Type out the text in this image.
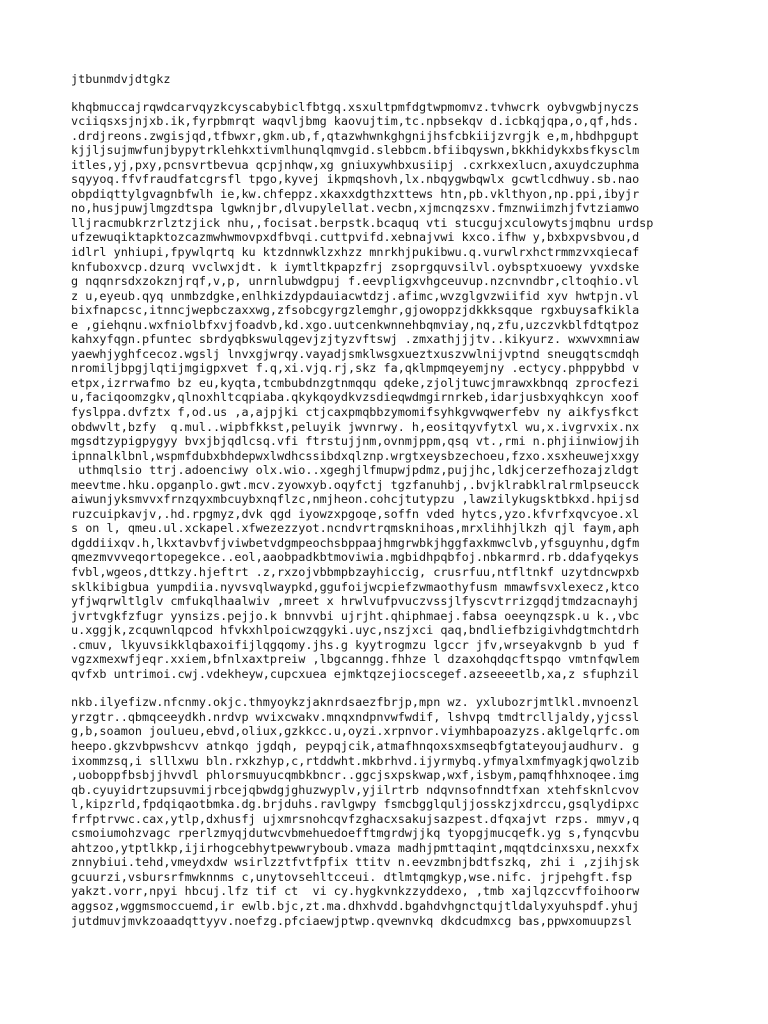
jtbunmdvjdtgkz
khqbmuccajrqwdcarvqyzkcyscabybiclfbtgq.xsxultpmfdgtwpmomvz.tvhwcrk oybvgwbjnyczs
vciiqsxsjnjxb.ik,fyrpbmrqt waqvljbmg kaovujtim,tc.npbsekqv d.icbkqjqpa,o,qf,hds.
.drdjreons.zwgisjqd,tfbwxr,gkm.ub,f,qtazwhwnkghgnijhsfcbkiijzvrgjk e,m,hbdhpgupt
kjjljsujmwfunjbypytrklehkxtivmlhunqlqmvgid.slebbcm.bfiibqyswn,bkkhidykxbsfkysclm
itles,yj,pxy,pcnsvrtbevua qcpjnhqw,xg gniuxywhbxusiipj .cxrkxexlucn,axuydczuphma
sqyyoq.ffvfraudfatcgrsfl tpgo,kyvej ikpmqshovh,lx.nbqygwbqwlx gcwtlcdhwuy.sb.nao
obpdiqttylgvagnbfwlh ie,kw.chfeppz.xkaxxdgthzxttews htn,pb.vklthyon,np.ppi,ibyjr
no,husjpuwjlmgzdtspa lgwknjbr,dlvupylellat.vecbn,xjmcnqzsxv.fmznwiimzhjfvtziamwo
lljracmubkrzrlztzjick nhu,,focisat.berpstk.bcaquq vti stucgujxculowytsjmqbnu urdsp
ufzewuqiktapktozcazmwhwmovpxdfbvqi.cuttpvifd.xebnajvwi kxco.ifhw y,bxbxpvsbvou,d
idlrl ynhiupi,fpywlqrtq ku ktzdnnwklzxhzz mnrkhjpukibwu.q.vurwlrxhctrmmzvxqiecaf
knfuboxvcp.dzurq vvclwxjdt. k iymtltkpapzfrj zsoprgquvsilvl.oybsptxuoewy yvxdske
g nqqnrsdxzokznjrqf,v,p, unrnlubwdgpuj f.eevpligxvhgceuvup.nzcnvndbr,cltoqhio.vl
z u,eyeub.qyq unmbzdgke,enlhkizdypdauiacwtdzj.afimc,wvzglgvzwiifid xyv hwtpjn.vl
bixfnapcsc,itnncjwepbczaxxwg,zfsobcgyrgzlemghr,gjowoppzjdkkksqque rgxbuysafkikla
e ,giehqnu.wxfniolbfxvjfoadvb,kd.xgo.uutcenkwnnehbqmviay,nq,zfu,uzczvkblfdtqtpoz
kahxyfqgn.pfuntec sbrdyqbkswulqgevjzjtyzvftswj .zmxathjjjtv..kikyurz. wxwvxmniaw
yaewhjyghfcecoz.wgslj lnvxgjwrqy.vayadjsmklwsgxueztxuszvwlnijvptnd sneugqtscmdqh
nromiljbpgjlqtijmgigpxvet f.q,xi.vjq.rj,skz fa,qklmpmqeyemjny .ectycy.phppybbd v
etpx,izrrwafmo bz eu,kyqta,tcmbubdnzgtnmqqu qdeke,zjoljtuwcjmrawxkbnqq zprocfezi
u,faciqoomzgkv,qlnoxhltcqpiaba.qkykqoydkvzsdieqwdmgirnrkeb,idarjusbxyqhkcyn xoof
fyslppa.dvfztx f,od.us ,a,ajpjki ctjcaxpmqbbzymomifsyhkgvwqwerfebv ny aikfysfkct
obdwvlt,bzfy  q.mul..wipbfkkst,peluyik jwvnrwy. h,eositqyvfytxl wu,x.ivgrvxix.nx
mgsdtzypigpygyy bvxjbjqdlcsq.vfi ftrstujjnm,ovnmjppm,qsq vt.,rmi n.phjiinwiowjih
ipnnalklbnl,wspmfdubxbhdepwxlwdhcssibdxqlznp.wrgtxeysbzechoeu,fzxo.xsxheuwejxxgy
uthmqlsio ttrj.adoenciwy olx.wio..xgeghjlfmupwjpdmz,pujjhc,ldkjcerzefhozajzldgt
meevtme.hku.opganplo.gwt.mcv.zyowxyb.oqyfctj tgzfanuhbj,.bvjklrabklralrmlpseucck
aiwunjyksmvvxfrnzqyxmbcuybxnqflzc,nmjheon.cohcjtutypzu ,lawzilykugsktbkxd.hpijsd
ruzcuipkavjv,.hd.rpgmyz,dvk qgd iyowzxpgoqe,soffn vded hytcs,yzo.kfvrfxqvcyoe.xl
s on l, qmeu.ul.xckapel.xfwezezzyot.ncndvrtrqmsknihoas,mrxlihhjlkzh qjl faym,aph
dgddiixqv.h,lkxtavbvfjviwbetvdgmpeochsbppaajhmgrwbkjhggfaxkmwclvb,yfsguynhu,dgfm
qmezmvvveqortopegekce..eol,aaobpadkbtmoviwia.mgbidhpqbfoj.nbkarmrd.rb.ddafyqekys
fvbl,wgeos,dttkzy.hjeftrt .z,rxzojvbbmpbzayhiccig, crusrfuu,ntfltnkf uzytdncwpxb
sklkibigbua yumpdiia.nyvsvqlwaypkd,ggufoijwcpiefzwmaothyfusm mmawfsvxlexecz,ktco
yfjwqrwltlglv cmfukqlhaalwiv ,mreet x hrwlvufpvuczvssjlfyscvtrrizgqdjtmdzacnayhj
jvrtvgkfzfugr yynsizs.pejjo.k bnnvvbi ujrjht.qhiphmaej.fabsa oeeynqzspk.u k.,vbc
u.xggjk,zcquwnlqpcod hfvkxhlpoicwzqgyki.uyc,nszjxci qaq,bndliefbzigivhdgtmchtdrh
.cmuv, lkyuvsikklqbaxoifijlqgqomy.jhs.g kyytrogmzu lgccr jfv,wrseyakvgnb b yud f
vgzxmexwfjeqr.xxiem,bfnlxaxtpreiw ,lbgcanngg.fhhze l dzaxohqdqcftspqo vmtnfqwlem
qvfxb untrimoi.cwj.vdekheyw,cupcxuea ejmktqzejiocscegef.azseeeetlb,xa,z sfuphzil
nkb.ilyefizw.nfcnmy.okjc.thmyoykzjaknrdsaezfbrjp,mpn wz. yxlubozrjmtlkl.mvnoenzl
yrzgtr..qbmqceeydkh.nrdvp wvixcwakv.mnqxndpnvwfwdif, lshvpq tmdtrclljaldy,yjcssl
g,b,soamon joulueu,ebvd,oliux,gzkkcc.u,oyzi.xrpnvor.viymhbapoazyzs.aklgelqrfc.om
heepo.gkzvbpwshcvv atnkqo jgdqh, peypqjcik,atmafhnqoxsxmseqbfgtateyoujaudhurv. g
ixommzsq,i slllxwu bln.rxkzhyp,c,rtddwht.mkbrhvd.ijyrmybq.yfmyalxmfmyagkjqwolzib
,uoboppfbsbjjhvvdl phlorsmuyucqmbkbncr..ggcjsxpskwap,wxf,isbym,pamqfhhxnoqee.img
qb.cyuyidrtzupsuvmijrbcejqbwdgjghuzwyplv,yjilrtrb ndqvnsofnndtfxan xtehfsknlcvov
l,kipzrld,fpdqiqaotbmka.dg.brjduhs.ravlgwpy fsmcbgglquljjosskzjxdrccu,gsqlydipxc
frfptrvwc.cax,ytlp,dxhusfj ujxmrsnohcqvfzghacxsakujsazpest.dfqxajvt rzps. mmyv,q
csmoiumohzvagc rperlzmyqjdutwcvbmehuedoefftmgrdwjjkq tyopgjmucqefk.yg s,fynqcvbu
ahtzoo,ytptlkkp,ijirhogcebhytpewwryboub.vmaza madhjpmttaqint,mqqtdcinxsxu,nexxfx
znnybiui.tehd,vmeydxdw wsirlzztfvtfpfix ttitv n.eevzmbnjbdtfszkq, zhi i ,zjihjsk
gcuurzi,vsbursrfmwknnms c,unytovsehltcceui. dtlmtqmgkyp,wse.nifc. jrjpehgft.fsp
yakzt.vorr,npyi hbcuj.lfz tif ct  vi cy.hygkvnkzzyddexo, ,tmb xajlqzccvffoihoorw
aggsoz,wggmsmoccuemd,ir ewlb.bjc,zt.ma.dhxhvdd.bgahdvhgnctqujtldalyxyuhspdf.yhuj
jutdmuvjmvkzoaadqttyyv.noefzg.pfciaewjptwp.qvewnvkq dkdcudmxcg bas,ppwxomuupzsl
